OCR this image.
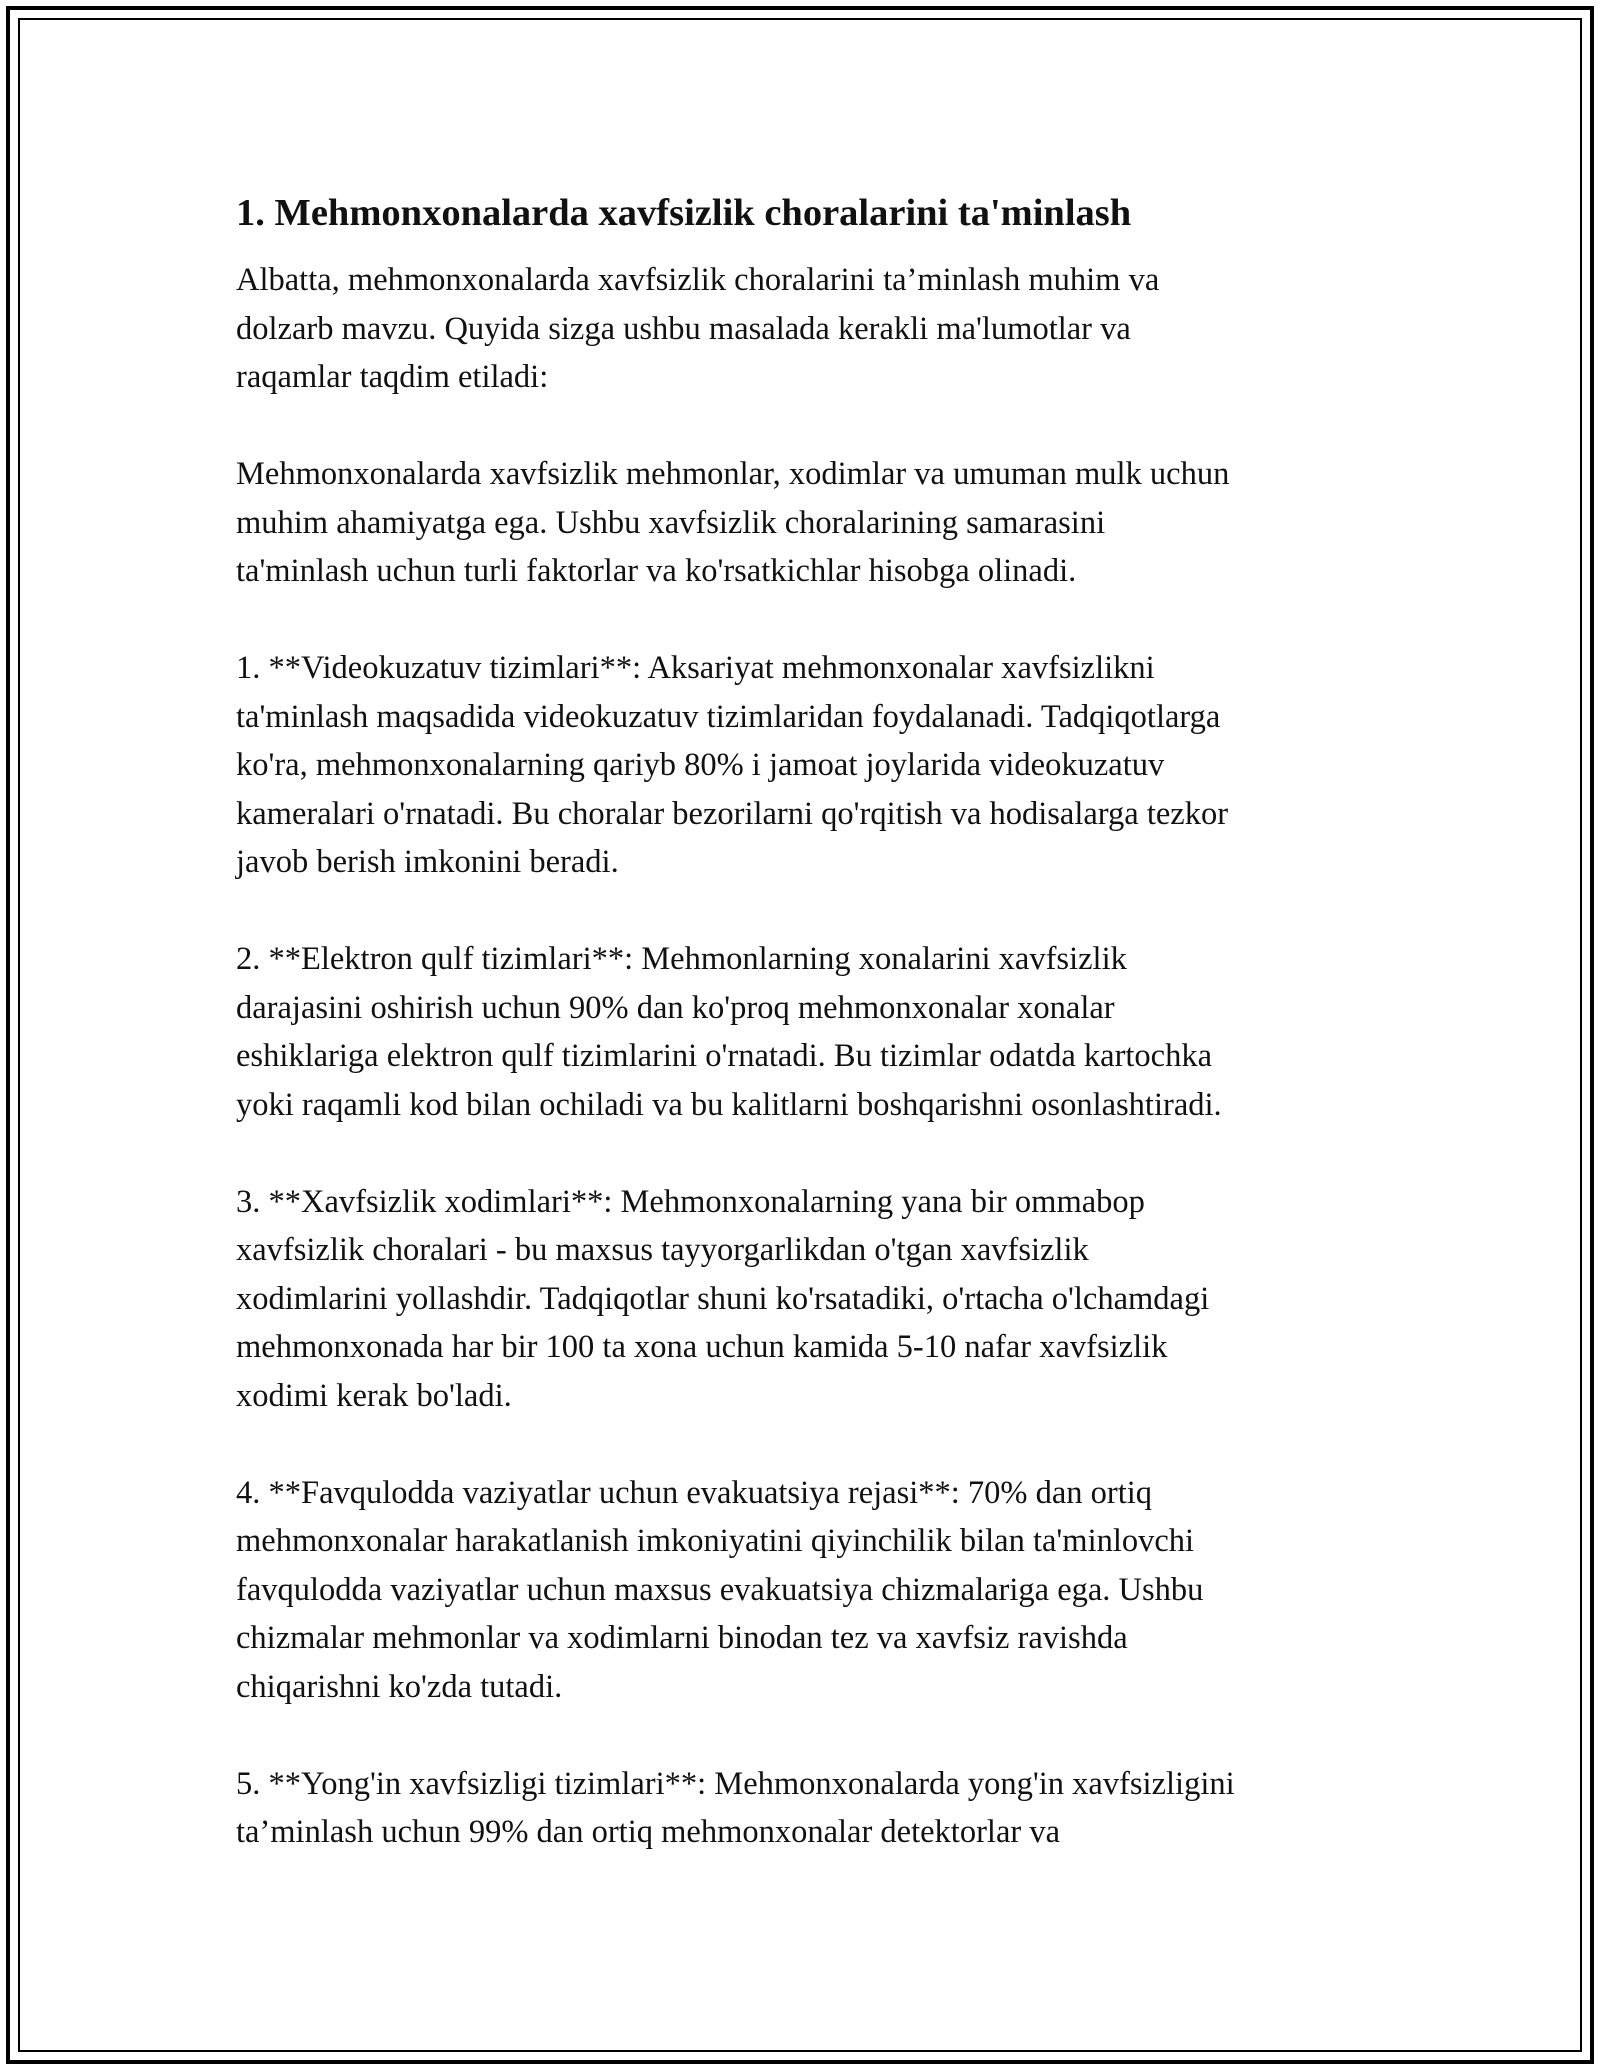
1. Mehmonxonalarda xavfsizlik choralarini ta'minlash

Albatta, mehmonxonalarda xavfsizlik choralarini ta’minlash muhim va
dolzarb mavzu. Quyida sizga ushbu masalada kerakli ma'lumotlar va
raqamlar taqdim etiladi:

Mehmonxonalarda xavfsizlik mehmonlar, xodimlar va umuman mulk uchun
muhim ahamiyatga ega. Ushbu xavfsizlik choralarining samarasini
ta'minlash uchun turli faktorlar va ko'rsatkichlar hisobga olinadi.

1. **Videokuzatuv tizimlari**: Aksariyat mehmonxonalar xavfsizlikni
ta'minlash maqsadida videokuzatuv tizimlaridan foydalanadi. Tadqiqotlarga
ko'ra, mehmonxonalarning qariyb 80% i jamoat joylarida videokuzatuv
kameralari o'rnatadi. Bu choralar bezorilarni qo'rqitish va hodisalarga tezkor
javob berish imkonini beradi.

2. **Elektron qulf tizimlari**: Mehmonlarning xonalarini xavfsizlik
darajasini oshirish uchun 90% dan ko'proq mehmonxonalar xonalar
eshiklariga elektron qulf tizimlarini o'rnatadi. Bu tizimlar odatda kartochka
yoki raqamli kod bilan ochiladi va bu kalitlarni boshqarishni osonlashtiradi.

3. **Xavfsizlik xodimlari**: Mehmonxonalarning yana bir ommabop
xavfsizlik choralari - bu maxsus tayyorgarlikdan o'tgan xavfsizlik
xodimlarini yollashdir. Tadqiqotlar shuni ko'rsatadiki, o'rtacha o'lchamdagi
mehmonxonada har bir 100 ta xona uchun kamida 5-10 nafar xavfsizlik
xodimi kerak bo'ladi.

4. **Favqulodda vaziyatlar uchun evakuatsiya rejasi**: 70% dan ortiq
mehmonxonalar harakatlanish imkoniyatini qiyinchilik bilan ta'minlovchi
favqulodda vaziyatlar uchun maxsus evakuatsiya chizmalariga ega. Ushbu
chizmalar mehmonlar va xodimlarni binodan tez va xavfsiz ravishda
chiqarishni ko'zda tutadi.

5. **Yong'in xavfsizligi tizimlari**: Mehmonxonalarda yong'in xavfsizligini
ta’minlash uchun 99% dan ortiq mehmonxonalar detektorlar va
